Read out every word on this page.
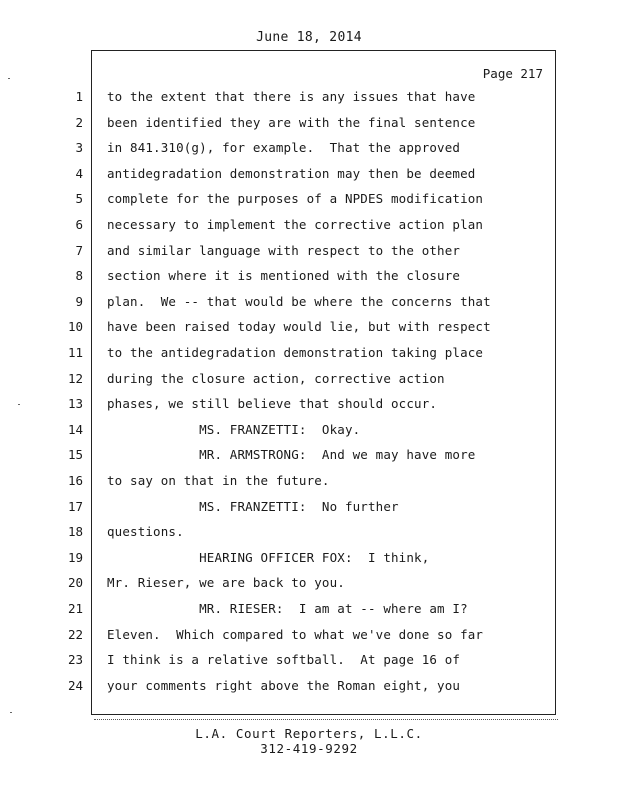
June 18, 2014
Page 217
1 to the extent that there is any issues that have
2 been identified they are with the final sentence
3 in 841.310(g), for example.  That the approved
4 antidegradation demonstration may then be deemed
5 complete for the purposes of a NPDES modification
6 necessary to implement the corrective action plan
7 and similar language with respect to the other
8 section where it is mentioned with the closure
9 plan.  We -- that would be where the concerns that
10 have been raised today would lie, but with respect
11 to the antidegradation demonstration taking place
12 during the closure action, corrective action
13 phases, we still believe that should occur.
14 MS. FRANZETTI:  Okay.
15 MR. ARMSTRONG:  And we may have more
16 to say on that in the future.
17 MS. FRANZETTI:  No further
18 questions.
19 HEARING OFFICER FOX:  I think,
20 Mr. Rieser, we are back to you.
21 MR. RIESER:  I am at -- where am I?
22 Eleven.  Which compared to what we've done so far
23 I think is a relative softball.  At page 16 of
24 your comments right above the Roman eight, you
L.A. Court Reporters, L.L.C.
312-419-9292
